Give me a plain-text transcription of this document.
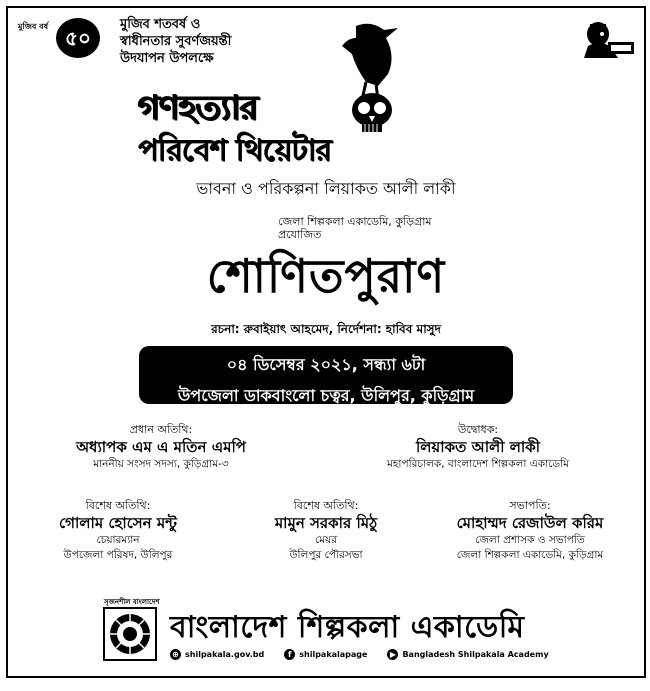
মুজিব বর্ষ ৫০
মুজিব শতবর্ষ ও
স্বাধীনতার সুবর্ণজয়ন্তী
উদযাপন উপলক্ষে
গণহত্যার
পরিবেশ থিয়েটার
ভাবনা ও পরিকল্পনা লিয়াকত আলী লাকী
জেলা শিল্পকলা একাডেমি, কুড়িগ্রাম
প্রযোজিত
শোণিতপুরাণ
রচনা: রুবাইয়াৎ আহমেদ, নির্দেশনা: হাবিব মাসুদ
০৪ ডিসেম্বর ২০২১, সন্ধ্যা ৬টা
উপজেলা ডাকবাংলো চত্বর, উলিপুর, কুড়িগ্রাম
প্রধান অতিথি:
অধ্যাপক এম এ মতিন এমপি
মাননীয় সংসদ সদস্য, কুড়িগ্রাম-৩
উদ্বোধক:
লিয়াকত আলী লাকী
মহাপরিচালক, বাংলাদেশ শিল্পকলা একাডেমি
বিশেষ অতিথি:
গোলাম হোসেন মন্টু
চেয়ারম্যান
উপজেলা পরিষদ, উলিপুর
বিশেষ অতিথি:
মামুন সরকার মিঠু
মেয়র
উলিপুর পৌরসভা
সভাপতি:
মোহাম্মদ রেজাউল করিম
জেলা প্রশাসক ও সভাপতি
জেলা শিল্পকলা একাডেমি, কুড়িগ্রাম
সৃজনশীল বাংলাদেশ
বাংলাদেশ শিল্পকলা একাডেমি
⊕ shilpakala.gov.bd	f shilpakalapage	▶ Bangladesh Shilpakala Academy
